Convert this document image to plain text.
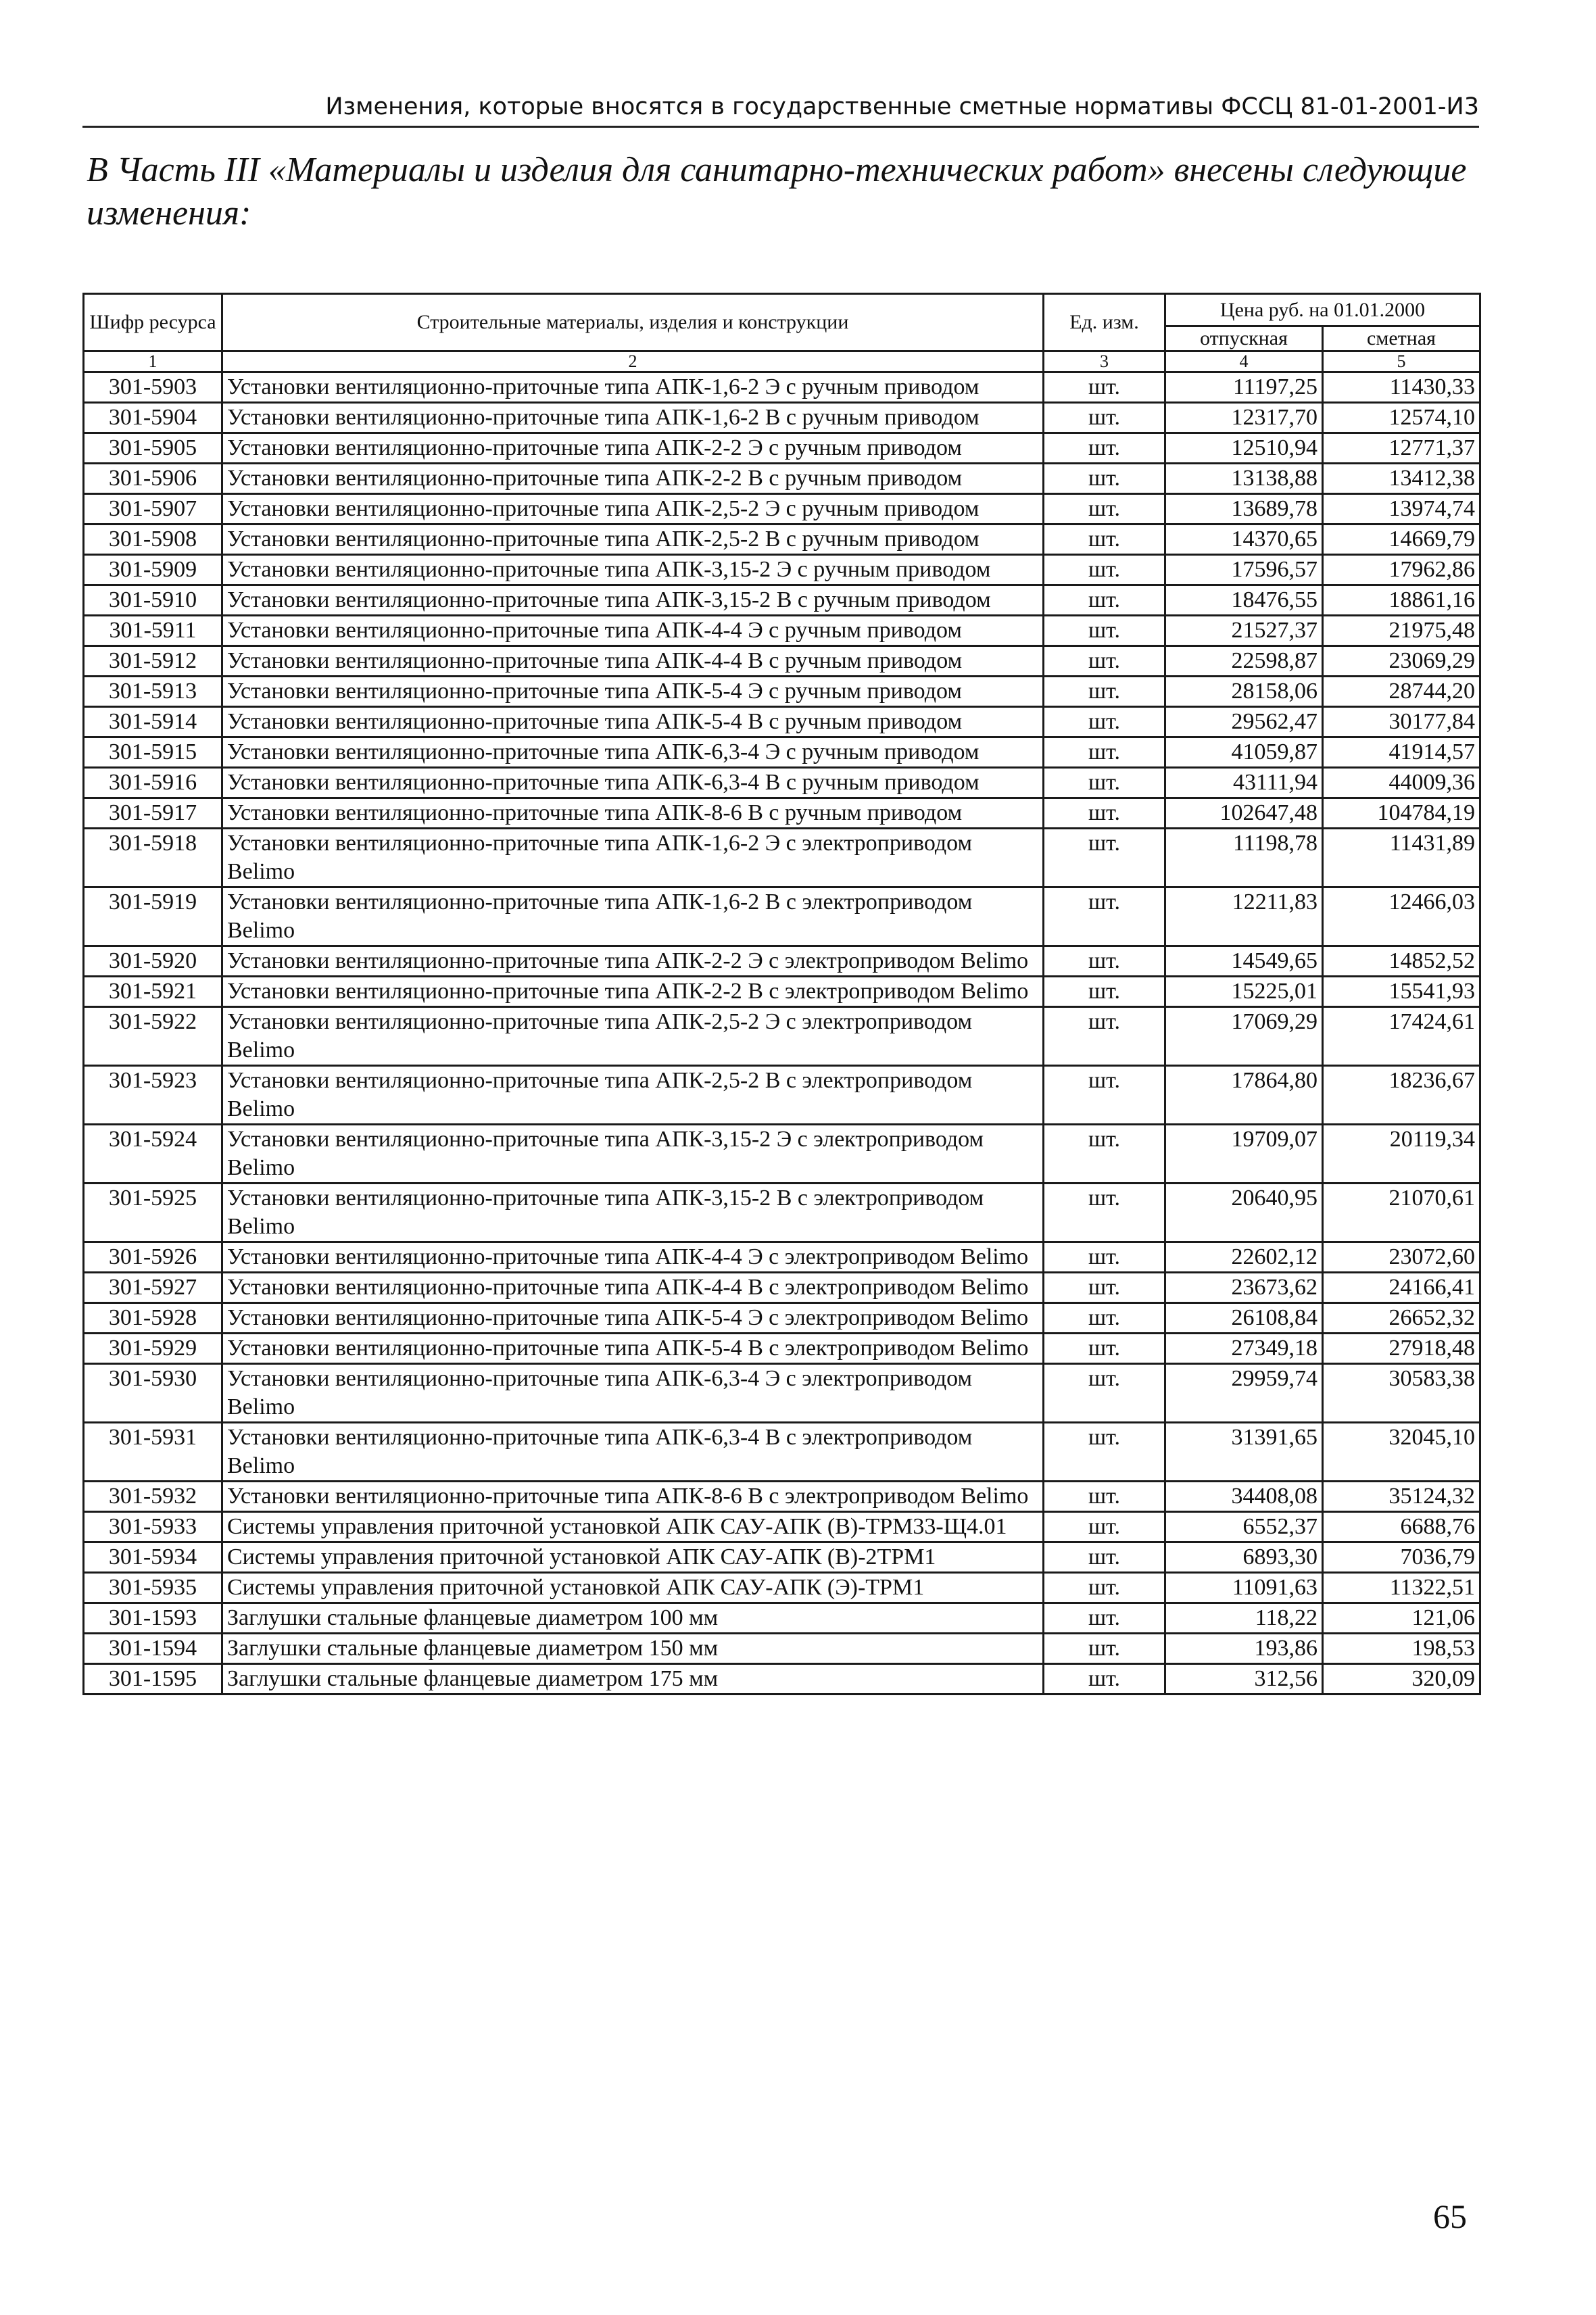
Изменения, которые вносятся в государственные сметные нормативы ФССЦ 81-01-2001-И3
В Часть III «Материалы и изделия для санитарно-технических работ» внесены следующие изменения:
Шифр ресурса	Строительные материалы, изделия и конструкции	Ед. изм.	Цена руб. на 01.01.2000	
			отпускная	сметная
1	2	3	4	5
301-5903	Установки вентиляционно-приточные типа АПК-1,6-2 Э с ручным приводом	шт.	11197,25	11430,33
301-5904	Установки вентиляционно-приточные типа АПК-1,6-2 В с ручным приводом	шт.	12317,70	12574,10
301-5905	Установки вентиляционно-приточные типа АПК-2-2 Э с ручным приводом	шт.	12510,94	12771,37
301-5906	Установки вентиляционно-приточные типа АПК-2-2 В с ручным приводом	шт.	13138,88	13412,38
301-5907	Установки вентиляционно-приточные типа АПК-2,5-2 Э с ручным приводом	шт.	13689,78	13974,74
301-5908	Установки вентиляционно-приточные типа АПК-2,5-2 В с ручным приводом	шт.	14370,65	14669,79
301-5909	Установки вентиляционно-приточные типа АПК-3,15-2 Э с ручным приводом	шт.	17596,57	17962,86
301-5910	Установки вентиляционно-приточные типа АПК-3,15-2 В с ручным приводом	шт.	18476,55	18861,16
301-5911	Установки вентиляционно-приточные типа АПК-4-4 Э с ручным приводом	шт.	21527,37	21975,48
301-5912	Установки вентиляционно-приточные типа АПК-4-4 В с ручным приводом	шт.	22598,87	23069,29
301-5913	Установки вентиляционно-приточные типа АПК-5-4 Э с ручным приводом	шт.	28158,06	28744,20
301-5914	Установки вентиляционно-приточные типа АПК-5-4 В с ручным приводом	шт.	29562,47	30177,84
301-5915	Установки вентиляционно-приточные типа АПК-6,3-4 Э с ручным приводом	шт.	41059,87	41914,57
301-5916	Установки вентиляционно-приточные типа АПК-6,3-4 В с ручным приводом	шт.	43111,94	44009,36
301-5917	Установки вентиляционно-приточные типа АПК-8-6 В с ручным приводом	шт.	102647,48	104784,19
301-5918	Установки вентиляционно-приточные типа АПК-1,6-2 Э с электроприводом Belimo	шт.	11198,78	11431,89
301-5919	Установки вентиляционно-приточные типа АПК-1,6-2 В с электроприводом Belimo	шт.	12211,83	12466,03
301-5920	Установки вентиляционно-приточные типа АПК-2-2 Э с электроприводом Belimo	шт.	14549,65	14852,52
301-5921	Установки вентиляционно-приточные типа АПК-2-2 В с электроприводом Belimo	шт.	15225,01	15541,93
301-5922	Установки вентиляционно-приточные типа АПК-2,5-2 Э с электроприводом Belimo	шт.	17069,29	17424,61
301-5923	Установки вентиляционно-приточные типа АПК-2,5-2 В с электроприводом Belimo	шт.	17864,80	18236,67
301-5924	Установки вентиляционно-приточные типа АПК-3,15-2 Э с электроприводом Belimo	шт.	19709,07	20119,34
301-5925	Установки вентиляционно-приточные типа АПК-3,15-2 В с электроприводом Belimo	шт.	20640,95	21070,61
301-5926	Установки вентиляционно-приточные типа АПК-4-4 Э с электроприводом Belimo	шт.	22602,12	23072,60
301-5927	Установки вентиляционно-приточные типа АПК-4-4 В с электроприводом Belimo	шт.	23673,62	24166,41
301-5928	Установки вентиляционно-приточные типа АПК-5-4 Э с электроприводом Belimo	шт.	26108,84	26652,32
301-5929	Установки вентиляционно-приточные типа АПК-5-4 В с электроприводом Belimo	шт.	27349,18	27918,48
301-5930	Установки вентиляционно-приточные типа АПК-6,3-4 Э с электроприводом Belimo	шт.	29959,74	30583,38
301-5931	Установки вентиляционно-приточные типа АПК-6,3-4 В с электроприводом Belimo	шт.	31391,65	32045,10
301-5932	Установки вентиляционно-приточные типа АПК-8-6 В с электроприводом Belimo	шт.	34408,08	35124,32
301-5933	Системы управления приточной установкой АПК САУ-АПК (В)-ТРМ33-Щ4.01	шт.	6552,37	6688,76
301-5934	Системы управления приточной установкой АПК САУ-АПК (В)-2ТРМ1	шт.	6893,30	7036,79
301-5935	Системы управления приточной установкой АПК САУ-АПК (Э)-ТРМ1	шт.	11091,63	11322,51
301-1593	Заглушки стальные фланцевые диаметром 100 мм	шт.	118,22	121,06
301-1594	Заглушки стальные фланцевые диаметром 150 мм	шт.	193,86	198,53
301-1595	Заглушки стальные фланцевые диаметром 175 мм	шт.	312,56	320,09
65
